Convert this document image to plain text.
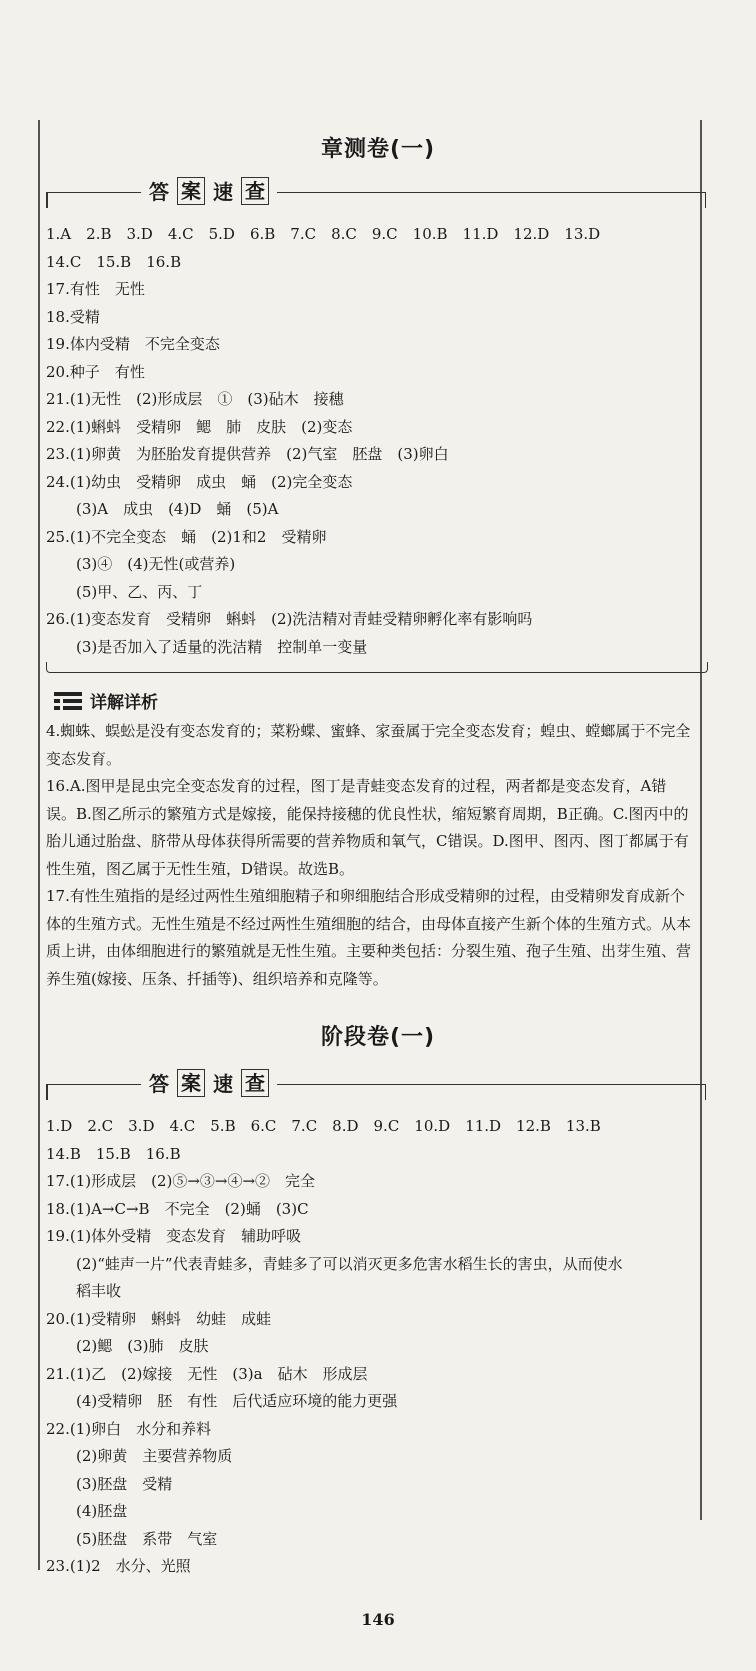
章测卷(一)
答 案 速 查
1.A　2.B　3.D　4.C　5.D　6.B　7.C　8.C　9.C　10.B　11.D　12.D　13.D
14.C　15.B　16.B
17.有性　无性
18.受精
19.体内受精　不完全变态
20.种子　有性
21.(1)无性　(2)形成层　①　(3)砧木　接穗
22.(1)蝌蚪　受精卵　鳃　肺　皮肤　(2)变态
23.(1)卵黄　为胚胎发育提供营养　(2)气室　胚盘　(3)卵白
24.(1)幼虫　受精卵　成虫　蛹　(2)完全变态
(3)A　成虫　(4)D　蛹　(5)A
25.(1)不完全变态　蛹　(2)1和2　受精卵
(3)④　(4)无性(或营养)
(5)甲、乙、丙、丁
26.(1)变态发育　受精卵　蝌蚪　(2)洗洁精对青蛙受精卵孵化率有影响吗
(3)是否加入了适量的洗洁精　控制单一变量
详解详析

4.蜘蛛、蜈蚣是没有变态发育的；菜粉蝶、蜜蜂、家蚕属于完全变态发育；蝗虫、螳螂属于不完全变态发育。

16.A.图甲是昆虫完全变态发育的过程，图丁是青蛙变态发育的过程，两者都是变态发育，A错误。B.图乙所示的繁殖方式是嫁接，能保持接穗的优良性状，缩短繁育周期，B正确。C.图丙中的胎儿通过胎盘、脐带从母体获得所需要的营养物质和氧气，C错误。D.图甲、图丙、图丁都属于有性生殖，图乙属于无性生殖，D错误。故选B。

17.有性生殖指的是经过两性生殖细胞精子和卵细胞结合形成受精卵的过程，由受精卵发育成新个体的生殖方式。无性生殖是不经过两性生殖细胞的结合，由母体直接产生新个体的生殖方式。从本质上讲，由体细胞进行的繁殖就是无性生殖。主要种类包括：分裂生殖、孢子生殖、出芽生殖、营养生殖(嫁接、压条、扦插等)、组织培养和克隆等。

阶段卷(一)
答 案 速 查
1.D　2.C　3.D　4.C　5.B　6.C　7.C　8.D　9.C　10.D　11.D　12.B　13.B
14.B　15.B　16.B
17.(1)形成层　(2)⑤→③→④→②　完全
18.(1)A→C→B　不完全　(2)蛹　(3)C
19.(1)体外受精　变态发育　辅助呼吸
(2)“蛙声一片”代表青蛙多，青蛙多了可以消灭更多危害水稻生长的害虫，从而使水
稻丰收
20.(1)受精卵　蝌蚪　幼蛙　成蛙
(2)鳃　(3)肺　皮肤
21.(1)乙　(2)嫁接　无性　(3)a　砧木　形成层
(4)受精卵　胚　有性　后代适应环境的能力更强
22.(1)卵白　水分和养料
(2)卵黄　主要营养物质
(3)胚盘　受精
(4)胚盘
(5)胚盘　系带　气室
23.(1)2　水分、光照
146
